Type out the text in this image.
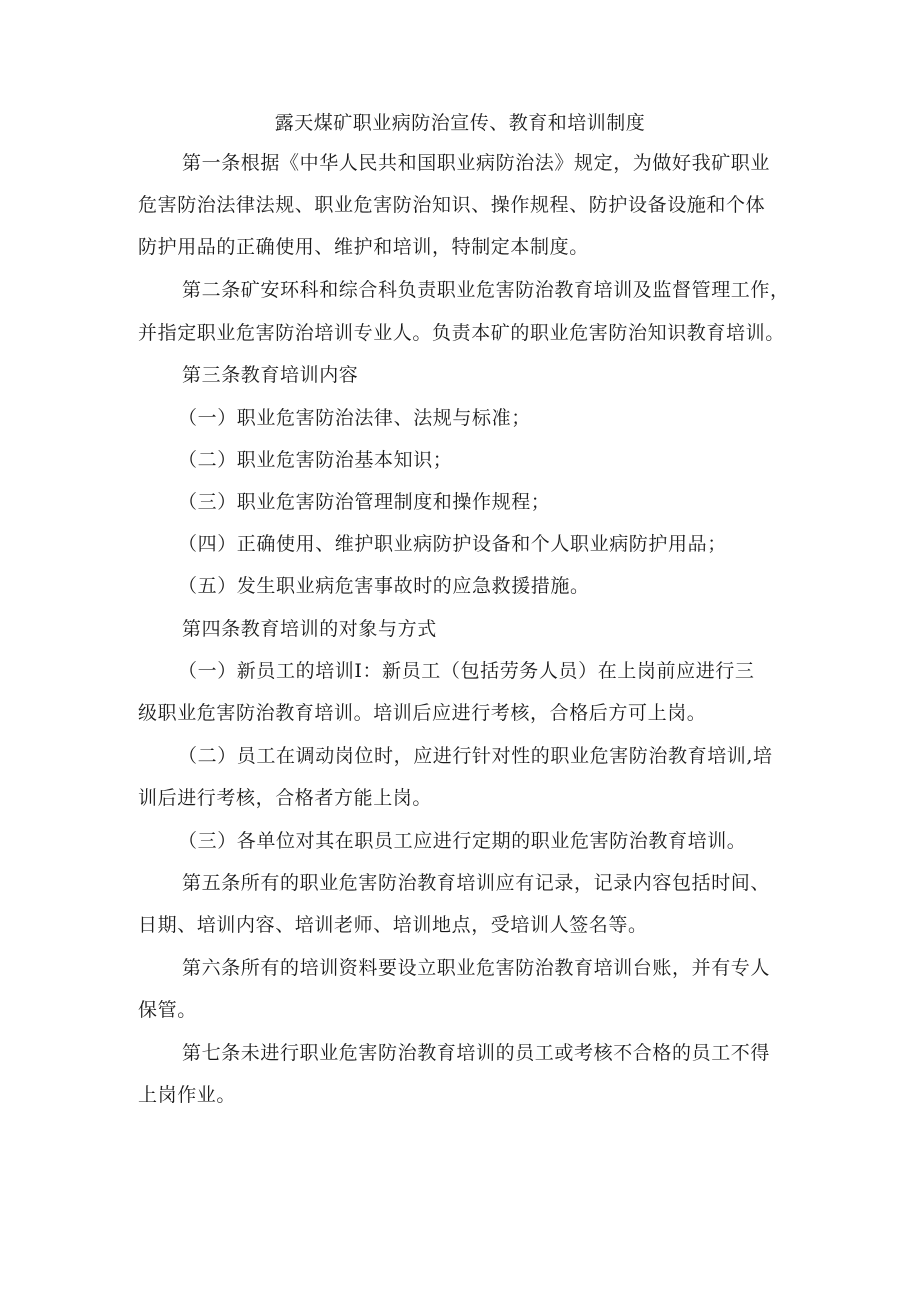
露天煤矿职业病防治宣传、教育和培训制度
第一条根据《中华人民共和国职业病防治法》规定，为做好我矿职业
危害防治法律法规、职业危害防治知识、操作规程、防护设备设施和个体
防护用品的正确使用、维护和培训，特制定本制度。
第二条矿安环科和综合科负责职业危害防治教育培训及监督管理工作，
并指定职业危害防治培训专业人。负责本矿的职业危害防治知识教育培训。
第三条教育培训内容
（一）职业危害防治法律、法规与标准；
（二）职业危害防治基本知识；
（三）职业危害防治管理制度和操作规程；
（四）正确使用、维护职业病防护设备和个人职业病防护用品；
（五）发生职业病危害事故时的应急救援措施。
第四条教育培训的对象与方式
（一）新员工的培训Ⅰ：新员工（包括劳务人员）在上岗前应进行三
级职业危害防治教育培训。培训后应进行考核，合格后方可上岗。
（二）员工在调动岗位时，应进行针对性的职业危害防治教育培训,培
训后进行考核，合格者方能上岗。
（三）各单位对其在职员工应进行定期的职业危害防治教育培训。
第五条所有的职业危害防治教育培训应有记录，记录内容包括时间、
日期、培训内容、培训老师、培训地点，受培训人签名等。
第六条所有的培训资料要设立职业危害防治教育培训台账，并有专人
保管。
第七条未进行职业危害防治教育培训的员工或考核不合格的员工不得
上岗作业。
